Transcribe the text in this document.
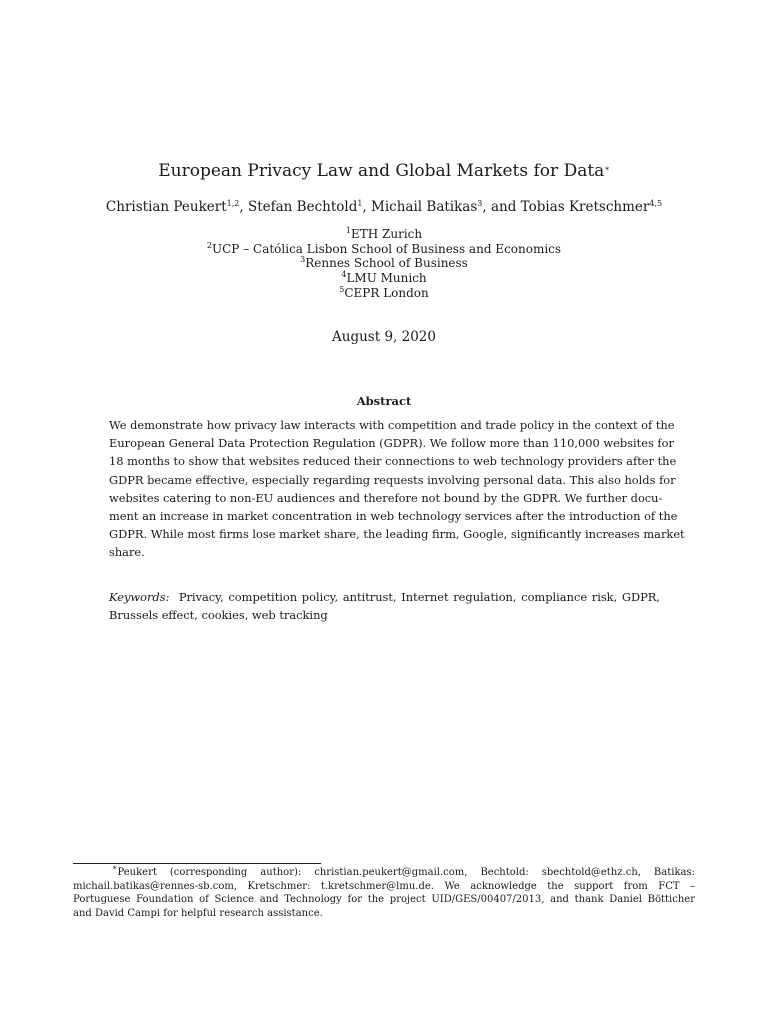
European Privacy Law and Global Markets for Data∗
Christian Peukert$^{1,2}$, Stefan Bechtold$^1$, Michail Batikas$^3$, and Tobias Kretschmer$^{4,5}$
$^1$ETH Zurich
$^2$UCP – Católica Lisbon School of Business and Economics
$^3$Rennes School of Business
$^4$LMU Munich
$^5$CEPR London
August 9, 2020
Abstract
We demonstrate how privacy law interacts with competition and trade policy in the context of the
European General Data Protection Regulation (GDPR). We follow more than 110,000 websites for
18 months to show that websites reduced their connections to web technology providers after the
GDPR became effective, especially regarding requests involving personal data. This also holds for
websites catering to non-EU audiences and therefore not bound by the GDPR. We further docu-
ment an increase in market concentration in web technology services after the introduction of the
GDPR. While most firms lose market share, the leading firm, Google, significantly increases market
share.
Keywords: Privacy, competition policy, antitrust, Internet regulation, compliance risk, GDPR,
Brussels effect, cookies, web tracking
∗Peukert (corresponding author): christian.peukert@gmail.com, Bechtold: sbechtold@ethz.ch, Batikas:
michail.batikas@rennes-sb.com, Kretschmer: t.kretschmer@lmu.de. We acknowledge the support from FCT –
Portuguese Foundation of Science and Technology for the project UID/GES/00407/2013, and thank Daniel Bötticher
and David Campi for helpful research assistance.
